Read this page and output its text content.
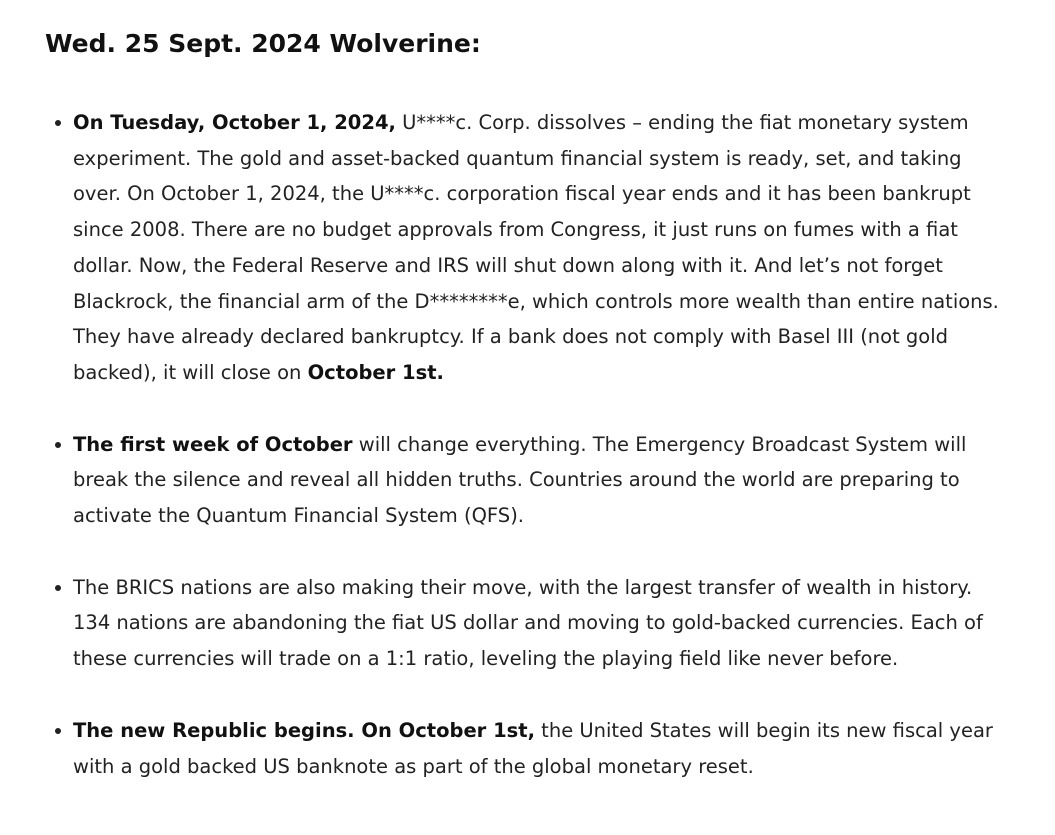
Wed. 25 Sept. 2024 Wolverine:
On Tuesday, October 1, 2024, U****c. Corp. dissolves – ending the fiat monetary system experiment. The gold and asset-backed quantum financial system is ready, set, and taking over. On October 1, 2024, the U****c. corporation fiscal year ends and it has been bankrupt since 2008. There are no budget approvals from Congress, it just runs on fumes with a fiat dollar. Now, the Federal Reserve and IRS will shut down along with it. And let’s not forget Blackrock, the financial arm of the D********e, which controls more wealth than entire nations. They have already declared bankruptcy. If a bank does not comply with Basel III (not gold backed), it will close on October 1st.
The first week of October will change everything. The Emergency Broadcast System will break the silence and reveal all hidden truths. Countries around the world are preparing to activate the Quantum Financial System (QFS).
The BRICS nations are also making their move, with the largest transfer of wealth in history. 134 nations are abandoning the fiat US dollar and moving to gold-backed currencies. Each of these currencies will trade on a 1:1 ratio, leveling the playing field like never before.
The new Republic begins. On October 1st, the United States will begin its new fiscal year with a gold backed US banknote as part of the global monetary reset.
